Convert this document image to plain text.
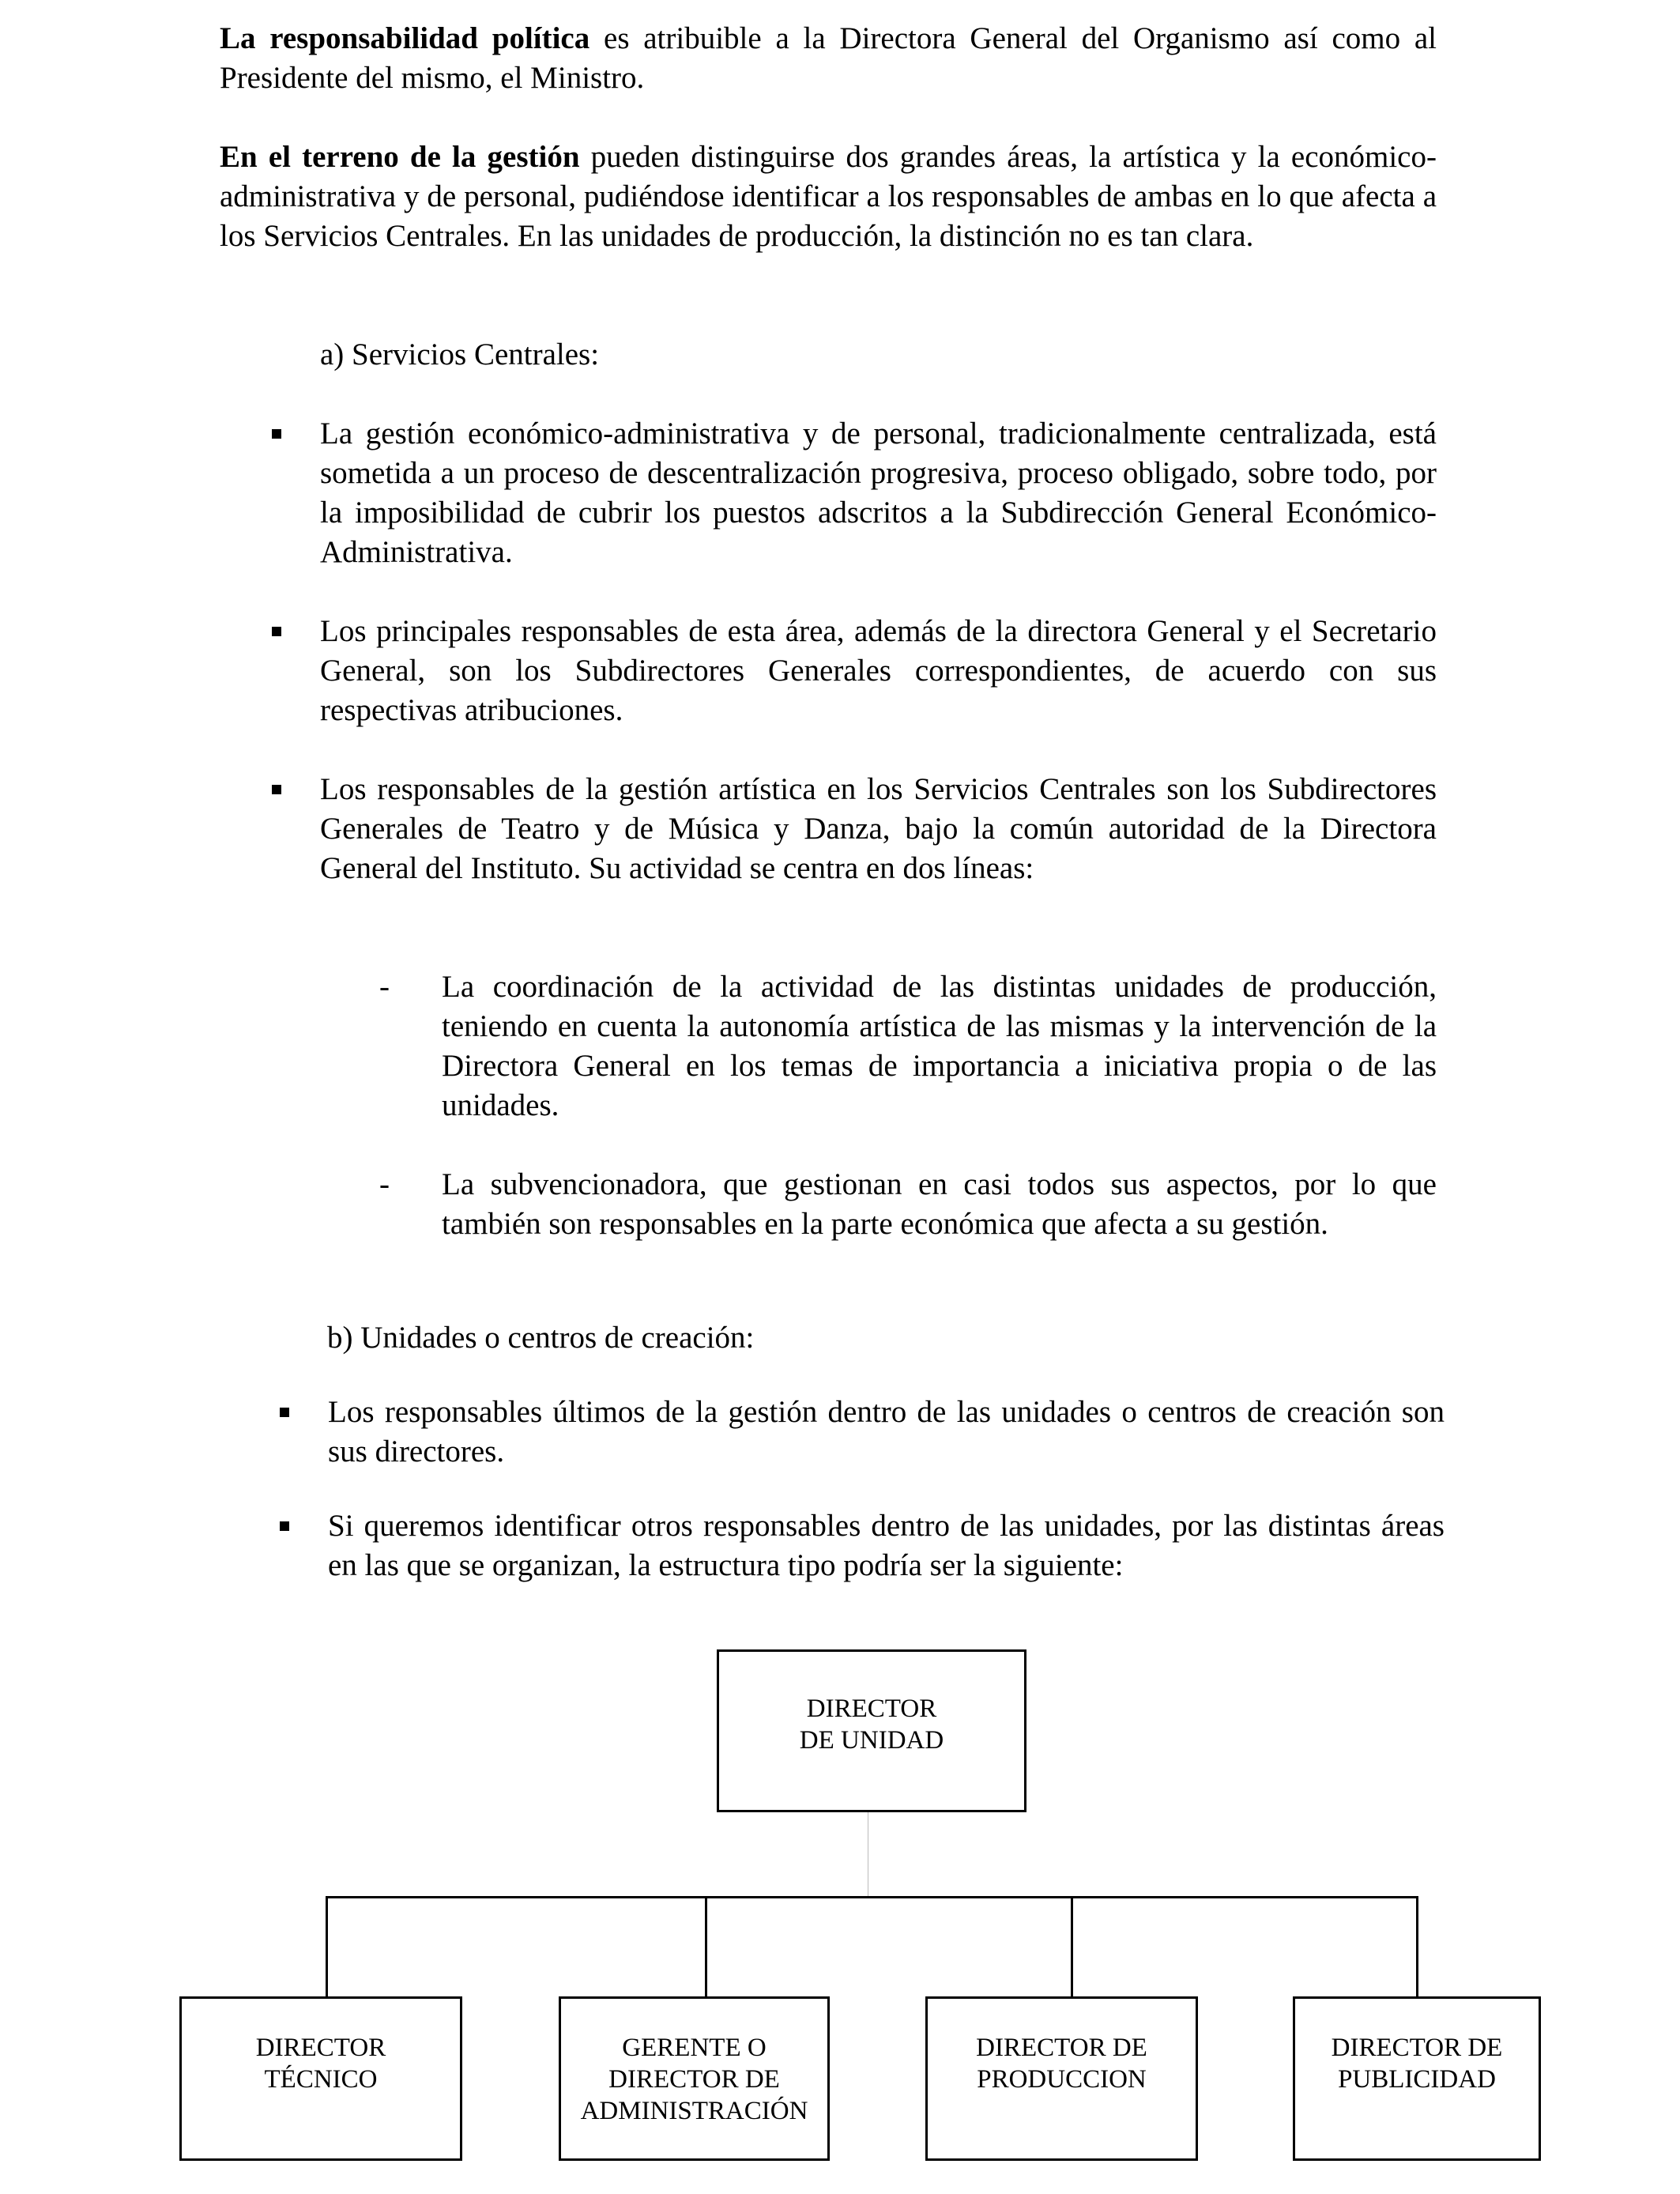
La responsabilidad política es atribuible a la Directora General del Organismo así como al Presidente del mismo, el Ministro.

En el terreno de la gestión pueden distinguirse dos grandes áreas, la artística y la económico-administrativa y de personal, pudiéndose identificar a los responsables de ambas en lo que afecta a los Servicios Centrales. En las unidades de producción, la distinción no es tan clara.

a) Servicios Centrales:

La gestión económico-administrativa y de personal, tradicionalmente centralizada, está sometida a un proceso de descentralización progresiva, proceso obligado, sobre todo, por la imposibilidad de cubrir los puestos adscritos a la Subdirección General Económico-Administrativa.

Los principales responsables de esta área, además de la directora General y el Secretario General, son los Subdirectores Generales correspondientes, de acuerdo con sus respectivas atribuciones.

Los responsables de la gestión artística en los Servicios Centrales son los Subdirectores Generales de Teatro y de Música y Danza, bajo la común autoridad de la Directora General del Instituto. Su actividad se centra en dos líneas:

- La coordinación de la actividad de las distintas unidades de producción, teniendo en cuenta la autonomía artística de las mismas y la intervención de la Directora General en los temas de importancia a iniciativa propia o de las unidades.

- La subvencionadora, que gestionan en casi todos sus aspectos, por lo que también son responsables en la parte económica que afecta a su gestión.

b) Unidades o centros de creación:

Los responsables últimos de la gestión dentro de las unidades o centros de creación son sus directores.

Si queremos identificar otros responsables dentro de las unidades, por las distintas áreas en las que se organizan, la estructura tipo podría ser la siguiente:

DIRECTOR
DE UNIDAD
DIRECTOR
TÉCNICO
GERENTE O
DIRECTOR DE
ADMINISTRACIÓN
DIRECTOR DE
PRODUCCION
DIRECTOR DE
PUBLICIDAD
